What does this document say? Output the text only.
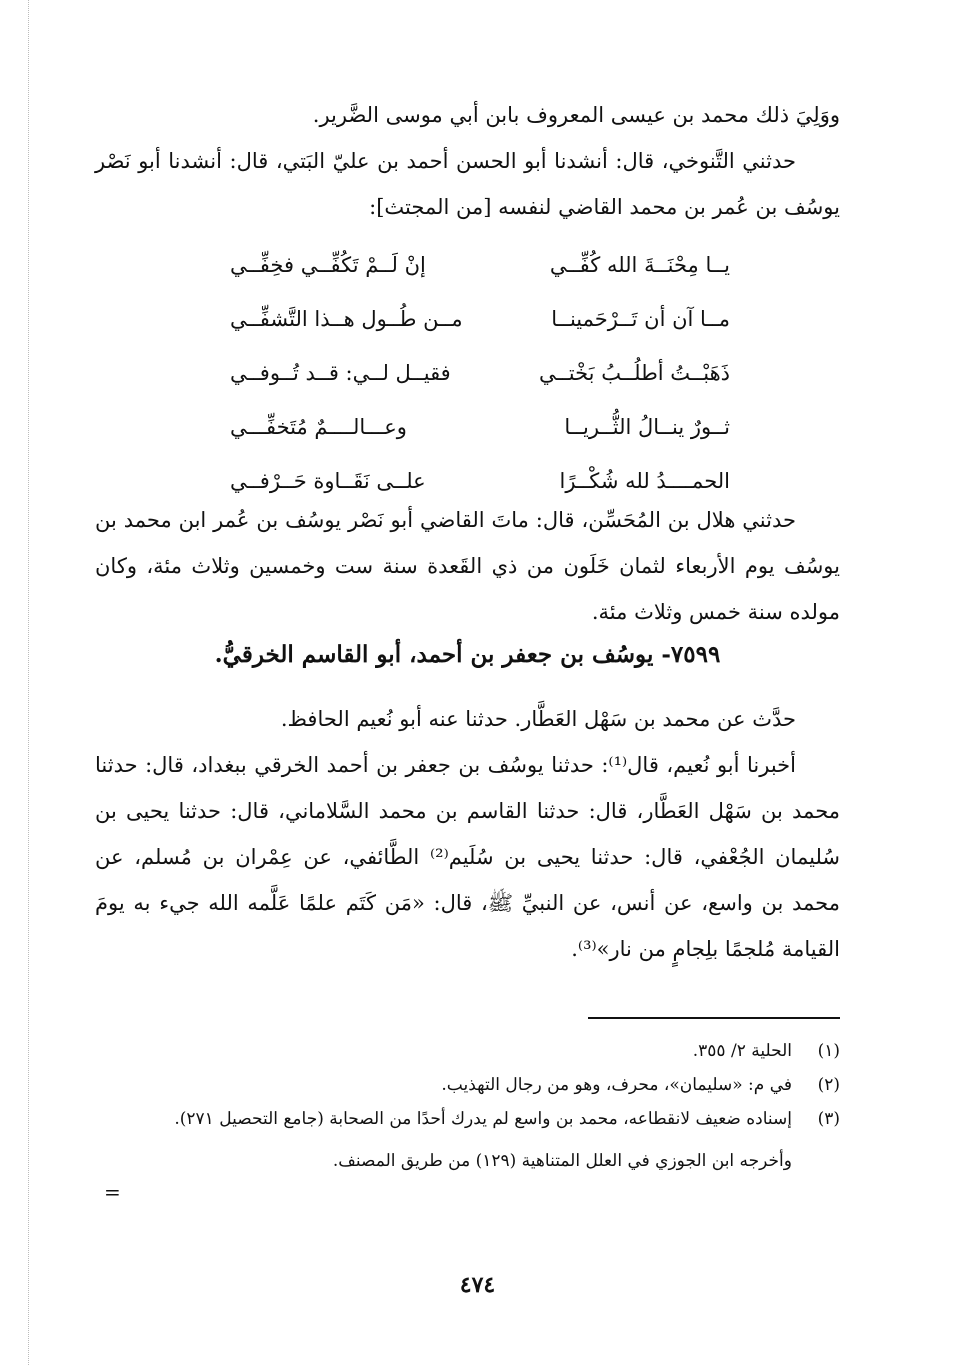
ووَلِيَ ذلك محمد بن عيسى المعروف بابن أبي موسى الضَّرير.

حدثني التَّنوخي، قال: أنشدنا أبو الحسن أحمد بن عليّ البَتي، قال: أنشدنا أبو نَصْر يوسُف بن عُمر بن محمد القاضي لنفسه [من المجتث]:

يــا مِحْنَــةَ الله كُفِّــي
إنْ لَــمْ تَكُفِّــي فخِفِّــي
مــا آن أن تَــرْحَمينــا
مــن طُــول هــذا التَّشفِّــي
ذَهَبْــتُ أطلُــبُ بَخْتــي
فقيــل لــي: قــد تُــوفــي
ثــورٌ ينــالُ الثُّــريــا
وعـــالــــمٌ مُتَخفِّـــي
الحمــــدُ لله شُكْــرًا
علــى نَقَــاوة حَــرْفــي

حدثني هلال بن المُحَسِّن، قال: ماتَ القاضي أبو نَصْر يوسُف بن عُمر ابن محمد بن يوسُف يوم الأربعاء لثمان خَلَون من ذي القَعدة سنة ست وخمسين وثلاث مئة، وكان مولده سنة خمس وثلاث مئة.

٧٥٩٩- يوسُف بن جعفر بن أحمد، أبو القاسم الخرقيُّ.

حدَّث عن محمد بن سَهْل العَطَّار. حدثنا عنه أبو نُعيم الحافظ.

أخبرنا أبو نُعيم، قال⁽¹⁾: حدثنا يوسُف بن جعفر بن أحمد الخرقي ببغداد، قال: حدثنا محمد بن سَهْل العَطَّار، قال: حدثنا القاسم بن محمد السَّلاماني، قال: حدثنا يحيى بن سُليمان الجُعْفي، قال: حدثنا يحيى بن سُلَيم⁽²⁾ الطَّائفي، عن عِمْران بن مُسلم، عن محمد بن واسع، عن أنس، عن النبيِّ ﷺ، قال: «مَن كَتَم علمًا عَلَّمه الله جيء به يومَ القيامة مُلجمًا بلِجامٍ من نار»⁽³⁾.

(١)
الحلية ٢/ ٣٥٥.

(٢)
في م: «سليمان»، محرف، وهو من رجال التهذيب.

(٣)
إسناده ضعيف لانقطاعه، محمد بن واسع لم يدرك أحدًا من الصحابة (جامع التحصيل ٢٧١).

وأخرجه ابن الجوزي في العلل المتناهية (١٢٩) من طريق المصنف.

=
٤٧٤
